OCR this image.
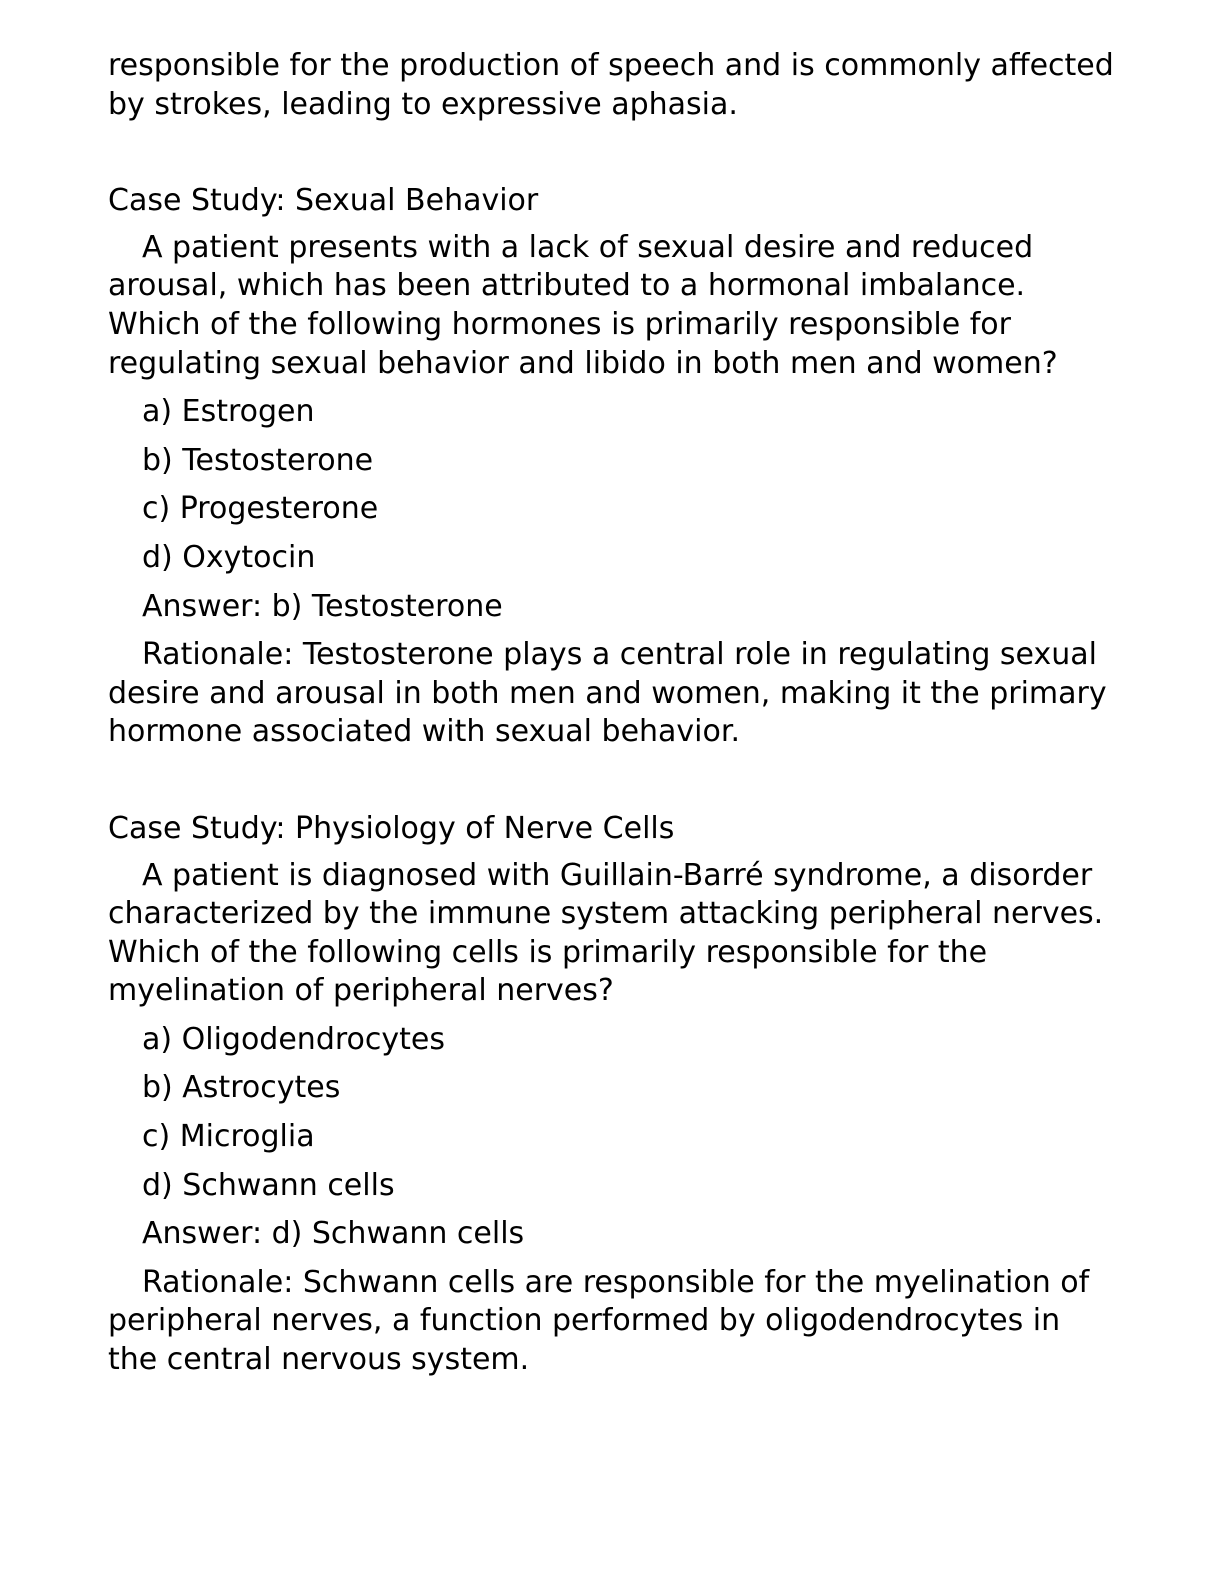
responsible for the production of speech and is commonly affected by strokes, leading to expressive aphasia.

Case Study: Sexual Behavior

A patient presents with a lack of sexual desire and reduced arousal, which has been attributed to a hormonal imbalance. Which of the following hormones is primarily responsible for regulating sexual behavior and libido in both men and women?

a) Estrogen

b) Testosterone

c) Progesterone

d) Oxytocin

Answer: b) Testosterone

Rationale: Testosterone plays a central role in regulating sexual desire and arousal in both men and women, making it the primary hormone associated with sexual behavior.

Case Study: Physiology of Nerve Cells

A patient is diagnosed with Guillain-Barré syndrome, a disorder characterized by the immune system attacking peripheral nerves. Which of the following cells is primarily responsible for the myelination of peripheral nerves?

a) Oligodendrocytes

b) Astrocytes

c) Microglia

d) Schwann cells

Answer: d) Schwann cells

Rationale: Schwann cells are responsible for the myelination of peripheral nerves, a function performed by oligodendrocytes in the central nervous system.
